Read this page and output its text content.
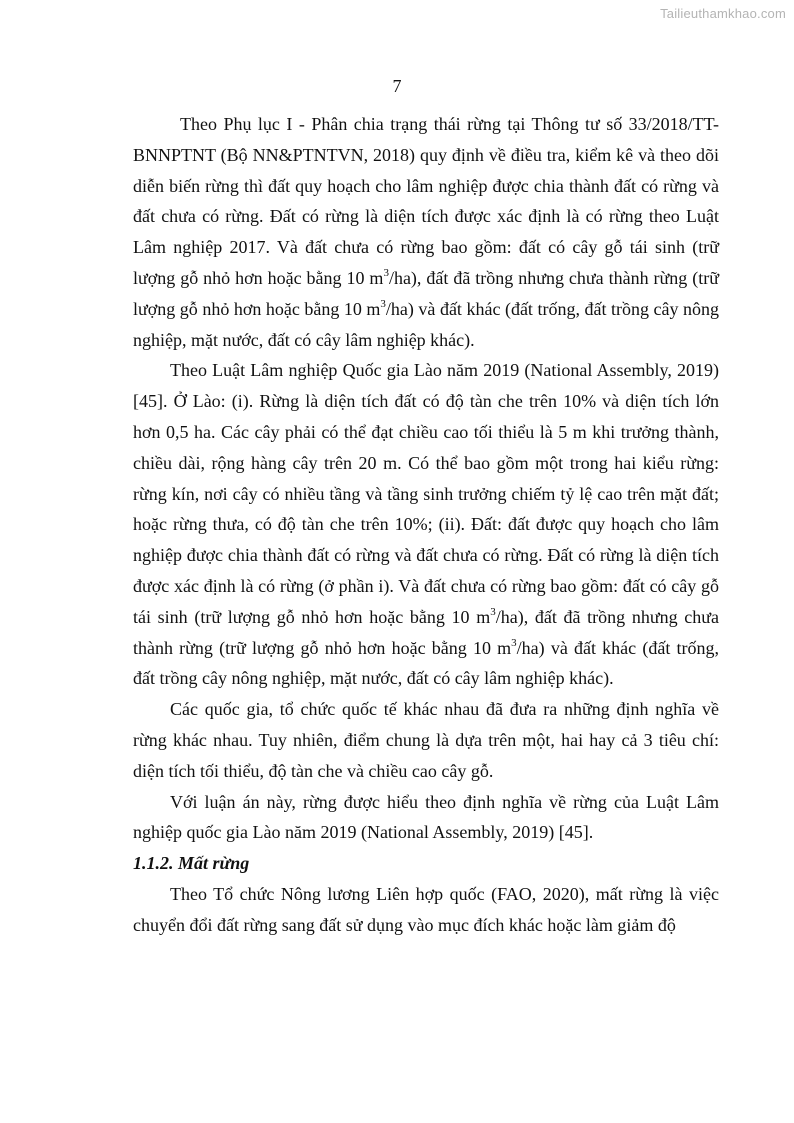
Tailieuthamkhao.com
7

Theo Phụ lục I - Phân chia trạng thái rừng tại Thông tư số 33/2018/TT-BNNPTNT (Bộ NN&PTNTVN, 2018) quy định về điều tra, kiểm kê và theo dõi diễn biến rừng thì đất quy hoạch cho lâm nghiệp được chia thành đất có rừng và đất chưa có rừng. Đất có rừng là diện tích được xác định là có rừng theo Luật Lâm nghiệp 2017. Và đất chưa có rừng bao gồm: đất có cây gỗ tái sinh (trữ lượng gỗ nhỏ hơn hoặc bằng 10 $m^3/ha$), đất đã trồng nhưng chưa thành rừng (trữ lượng gỗ nhỏ hơn hoặc bằng 10 $m^3/ha$) và đất khác (đất trống, đất trồng cây nông nghiệp, mặt nước, đất có cây lâm nghiệp khác).

Theo Luật Lâm nghiệp Quốc gia Lào năm 2019 (National Assembly, 2019) [45]. Ở Lào: (i). Rừng là diện tích đất có độ tàn che trên 10% và diện tích lớn hơn 0,5 ha. Các cây phải có thể đạt chiều cao tối thiểu là 5 m khi trưởng thành, chiều dài, rộng hàng cây trên 20 m. Có thể bao gồm một trong hai kiểu rừng: rừng kín, nơi cây có nhiều tầng và tầng sinh trưởng chiếm tỷ lệ cao trên mặt đất; hoặc rừng thưa, có độ tàn che trên 10%; (ii). Đất: đất được quy hoạch cho lâm nghiệp được chia thành đất có rừng và đất chưa có rừng. Đất có rừng là diện tích được xác định là có rừng (ở phần i). Và đất chưa có rừng bao gồm: đất có cây gỗ tái sinh (trữ lượng gỗ nhỏ hơn hoặc bằng 10 $m^3/ha$), đất đã trồng nhưng chưa thành rừng (trữ lượng gỗ nhỏ hơn hoặc bằng 10 $m^3/ha$) và đất khác (đất trống, đất trồng cây nông nghiệp, mặt nước, đất có cây lâm nghiệp khác).

Các quốc gia, tổ chức quốc tế khác nhau đã đưa ra những định nghĩa về rừng khác nhau. Tuy nhiên, điểm chung là dựa trên một, hai hay cả 3 tiêu chí: diện tích tối thiểu, độ tàn che và chiều cao cây gỗ.

Với luận án này, rừng được hiểu theo định nghĩa về rừng của Luật Lâm nghiệp quốc gia Lào năm 2019 (National Assembly, 2019) [45].

1.1.2. Mất rừng

Theo Tổ chức Nông lương Liên hợp quốc (FAO, 2020), mất rừng là việc chuyển đổi đất rừng sang đất sử dụng vào mục đích khác hoặc làm giảm độ
